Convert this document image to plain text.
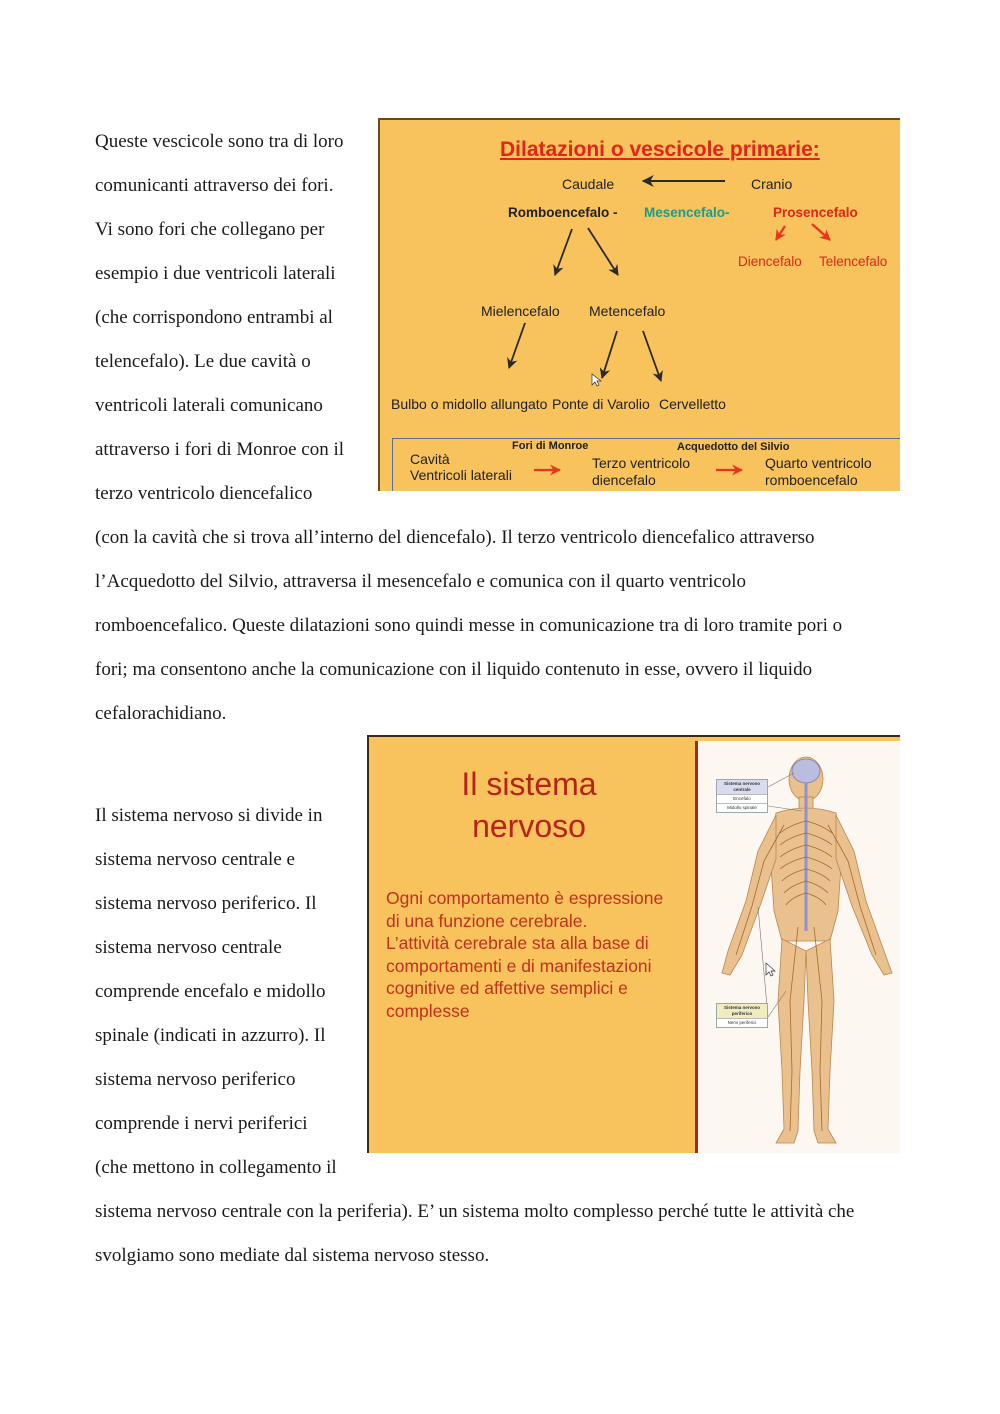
Queste vescicole sono tra di loro

comunicanti attraverso dei fori.

Vi sono fori che collegano per

esempio i due ventricoli laterali

(che corrispondono entrambi al

telencefalo). Le due cavità o

ventricoli laterali comunicano

attraverso i fori di Monroe con il

terzo ventricolo diencefalico

(con la cavità che si trova all’interno del diencefalo). Il terzo ventricolo diencefalico attraverso

l’Acquedotto del Silvio, attraversa il mesencefalo e comunica con il quarto ventricolo

romboencefalico. Queste dilatazioni sono quindi messe in comunicazione tra di loro tramite pori o

fori; ma consentono anche la comunicazione con il liquido contenuto in esse, ovvero il liquido

cefalorachidiano.

Dilatazioni o vescicole primarie:
Caudale	Cranio
Romboencefalo - Mesencefalo-	Prosencefalo
Diencefalo Telencefalo
Mielencefalo Metencefalo
Bulbo o midollo allungato Ponte di Varolio Cervelletto
Fori di Monroe	Acquedotto del Silvio
Cavità
Ventricoli laterali
Terzo ventricolo
diencefalo
Quarto ventricolo
romboencefalo

Il sistema nervoso si divide in

sistema nervoso centrale e

sistema nervoso periferico. Il

sistema nervoso centrale

comprende encefalo e midollo

spinale (indicati in azzurro). Il

sistema nervoso periferico

comprende i nervi periferici

(che mettono in collegamento il

sistema nervoso centrale con la periferia). E’ un sistema molto complesso perché tutte le attività che

svolgiamo sono mediate dal sistema nervoso stesso.

Il sistema
nervoso
Ogni comportamento è espressione
di una funzione cerebrale.
L’attività cerebrale sta alla base di
comportamenti e di manifestazioni
cognitive ed affettive semplici e
complesse
Sistema nervoso centrale
Encefalo
Midollo spinale
Sistema nervoso periferico
Nervi periferici
